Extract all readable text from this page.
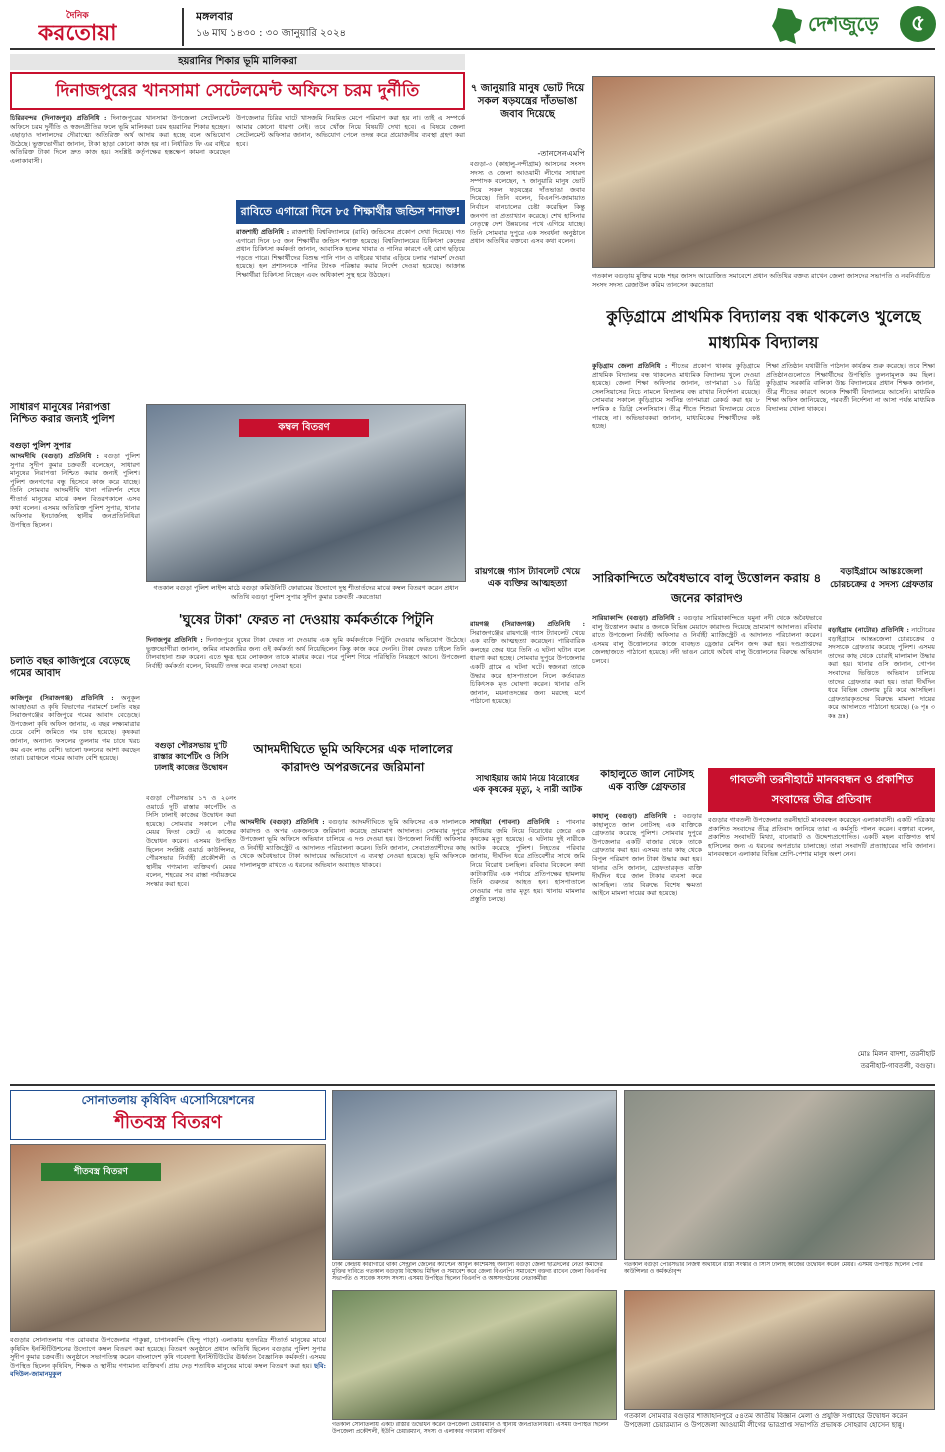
দৈনিক
করতোয়া
মঙ্গলবার
১৬ মাঘ ১৪৩০ : ৩০ জানুয়ারি ২০২৪	দেশজুড়ে	৫
হয়রানির শিকার ভূমি মালিকরা
দিনাজপুরের খানসামা সেটেলমেন্ট অফিসে চরম দুর্নীতি

চিরিরবন্দর (দিনাজপুর) প্রতিনিধি : দিনাজপুরের খানসামা উপজেলা সেটেলমেন্ট অফিসে চরম দুর্নীতি ও স্বজনপ্রীতির ফলে ভূমি মালিকরা চরম হয়রানির শিকার হচ্ছেন। এছাড়াও দালালদের দৌরাত্ম্যে অতিরিক্ত অর্থ আদায় করা হচ্ছে বলে অভিযোগ উঠেছে। ভুক্তভোগীরা জানান, টাকা ছাড়া কোনো কাজ হয় না। নির্ধারিত ফি এর বাইরে অতিরিক্ত টাকা দিলে দ্রুত কাজ হয়। সংশ্লিষ্ট কর্তৃপক্ষের হস্তক্ষেপ কামনা করেছেন এলাকাবাসী।

উপজেলার চিরির ঘাটে খাসজমি নিয়মিত মেপে পরিমাপ করা হয় না। তাই এ সম্পর্কে আমার কোনো ধারণা নেই। তবে খোঁজ নিয়ে বিষয়টি দেখা হবে। এ বিষয়ে জেলা সেটেলমেন্ট অফিসার জানান, অভিযোগ পেলে তদন্ত করে প্রয়োজনীয় ব্যবস্থা গ্রহণ করা হবে।

রাবিতে এগারো দিনে ৮৫ শিক্ষার্থীর জন্ডিস শনাক্ত!

রাজশাহী প্রতিনিধি : রাজশাহী বিশ্ববিদ্যালয়ে (রাবি) জন্ডিসের প্রকোপ দেখা দিয়েছে। গত এগারো দিনে ৮৫ জন শিক্ষার্থীর জন্ডিস শনাক্ত হয়েছে। বিশ্ববিদ্যালয়ের চিকিৎসা কেন্দ্রের প্রধান চিকিৎসা কর্মকর্তা জানান, আবাসিক হলের খাবার ও পানির কারণে এই রোগ ছড়িয়ে পড়তে পারে। শিক্ষার্থীদের বিশুদ্ধ পানি পান ও বাইরের খাবার এড়িয়ে চলার পরামর্শ দেওয়া হয়েছে। হল প্রশাসনকে পানির ট্যাংক পরিষ্কার করার নির্দেশ দেওয়া হয়েছে। আক্রান্ত শিক্ষার্থীরা চিকিৎসা নিচ্ছেন এবং অধিকাংশ সুস্থ হয়ে উঠছেন।

৭ জানুয়ারি মানুষ ভোট দিয়ে সকল ষড়যন্ত্রের দাঁতভাঙা জবাব দিয়েছে
-তানসেনএমপি
বগুড়া-৩ (কাহালু-নন্দীগ্রাম) আসনের সংসদ সদস্য ও জেলা আওয়ামী লীগের সাধারণ সম্পাদক বলেছেন, ৭ জানুয়ারি মানুষ ভোট দিয়ে সকল ষড়যন্ত্রের দাঁতভাঙা জবাব দিয়েছে। তিনি বলেন, বিএনপি-জামায়াত নির্বাচন বানচালের চেষ্টা করেছিল কিন্তু জনগণ তা প্রত্যাখ্যান করেছে। শেখ হাসিনার নেতৃত্বে দেশ উন্নয়নের পথে এগিয়ে যাচ্ছে। তিনি সোমবার দুপুরে এক সংবর্ধনা অনুষ্ঠানে প্রধান অতিথির বক্তব্যে এসব কথা বলেন।
গতকাল বগুড়ায় মুক্তির মঞ্চে শহর জাসদ আয়োজিত সমাবেশে প্রধান অতিথির বক্তব্য রাখেন জেলা জাসদের সভাপতি ও নবনির্বাচিত সংসদ সদস্য রেজাউল করিম তানসেন করতোয়া
কুড়িগ্রামে প্রাথমিক বিদ্যালয় বন্ধ থাকলেও খুলেছে মাধ্যমিক বিদ্যালয়

কুড়িগ্রাম জেলা প্রতিনিধি : শীতের প্রকোপ থাকায় কুড়িগ্রামে প্রাথমিক বিদ্যালয় বন্ধ থাকলেও মাধ্যমিক বিদ্যালয় খুলে দেওয়া হয়েছে। জেলা শিক্ষা অফিসার জানান, তাপমাত্রা ১০ ডিগ্রি সেলসিয়াসের নিচে নামলে বিদ্যালয় বন্ধ রাখার নির্দেশনা রয়েছে। সোমবার সকালে কুড়িগ্রামে সর্বনিম্ন তাপমাত্রা রেকর্ড করা হয় ৮ দশমিক ৫ ডিগ্রি সেলসিয়াস। তীব্র শীতে শিশুরা বিদ্যালয়ে যেতে পারছে না। অভিভাবকরা জানান, মাধ্যমিকের শিক্ষার্থীদের কষ্ট হচ্ছে।

শিক্ষা প্রতিষ্ঠান যথারীতি পাঠদান কার্যক্রম শুরু করেছে। তবে শিক্ষা প্রতিষ্ঠানগুলোতে শিক্ষার্থীদের উপস্থিতি তুলনামূলক কম ছিল। কুড়িগ্রাম সরকারি বালিকা উচ্চ বিদ্যালয়ের প্রধান শিক্ষক জানান, তীব্র শীতের কারণে অনেক শিক্ষার্থী বিদ্যালয়ে আসেনি। মাধ্যমিক শিক্ষা অফিস জানিয়েছে, পরবর্তী নির্দেশনা না আসা পর্যন্ত মাধ্যমিক বিদ্যালয় খোলা থাকবে।
সাধারণ মানুষের নিরাপত্তা নিশ্চিত করার জন্যই পুলিশ
বগুড়া পুলিশ সুপার

আদমদীঘি (বগুড়া) প্রতিনিধি : বগুড়া পুলিশ সুপার সুদীপ কুমার চক্রবর্তী বলেছেন, সাধারণ মানুষের নিরাপত্তা নিশ্চিত করার জন্যই পুলিশ। পুলিশ জনগণের বন্ধু হিসেবে কাজ করে যাচ্ছে। তিনি সোমবার আদমদীঘি থানা পরিদর্শন শেষে শীতার্ত মানুষের মাঝে কম্বল বিতরণকালে এসব কথা বলেন। এসময় অতিরিক্ত পুলিশ সুপার, থানার অফিসার ইনচার্জসহ স্থানীয় জনপ্রতিনিধিরা উপস্থিত ছিলেন।

কম্বল বিতরণ
গতকাল বগুড়া পুলিশ লাইন্স মাঠে বগুড়া কমিউনিটি ফোরামের উদ্যোগে দুস্থ শীতার্তদের মাঝে কম্বল বিতরণ করেন প্রধান অতিথি বগুড়া পুলিশ সুপার সুদীপ কুমার চক্রবর্তী -করতোয়া
রায়গঞ্জে গ্যাস ট্যাবলেট খেয়ে এক ব্যক্তির আত্মহত্যা

রায়গঞ্জ (সিরাজগঞ্জ) প্রতিনিধি : সিরাজগঞ্জের রায়গঞ্জে গ্যাস ট্যাবলেট খেয়ে এক ব্যক্তি আত্মহত্যা করেছেন। পারিবারিক কলহের জের ধরে তিনি এ ঘটনা ঘটান বলে ধারণা করা হচ্ছে। সোমবার দুপুরে উপজেলার একটি গ্রামে এ ঘটনা ঘটে। স্বজনরা তাকে উদ্ধার করে হাসপাতালে নিলে কর্তব্যরত চিকিৎসক মৃত ঘোষণা করেন। থানার ওসি জানান, ময়নাতদন্তের জন্য মরদেহ মর্গে পাঠানো হয়েছে।

'ঘুষের টাকা' ফেরত না দেওয়ায় কর্মকর্তাকে পিটুনি

দিনাজপুর প্রতিনিধি : দিনাজপুরে ঘুষের টাকা ফেরত না দেওয়ায় এক ভূমি কর্মকর্তাকে পিটুনি দেওয়ার অভিযোগ উঠেছে। ভুক্তভোগীরা জানান, জমির নামজারির জন্য ওই কর্মকর্তা অর্থ নিয়েছিলেন কিন্তু কাজ করে দেননি। টাকা ফেরত চাইলে তিনি টালবাহানা শুরু করেন। এতে ক্ষুব্ধ হয়ে লোকজন তাকে মারধর করে। পরে পুলিশ গিয়ে পরিস্থিতি নিয়ন্ত্রণে আনে। উপজেলা নির্বাহী কর্মকর্তা বলেন, বিষয়টি তদন্ত করে ব্যবস্থা নেওয়া হবে।

চলতি বছর কাজিপুরে বেড়েছে গমের আবাদ

কাজিপুর (সিরাজগঞ্জ) প্রতিনিধি : অনুকূল আবহাওয়া ও কৃষি বিভাগের পরামর্শে চলতি বছর সিরাজগঞ্জের কাজিপুরে গমের আবাদ বেড়েছে। উপজেলা কৃষি অফিস জানায়, এ বছর লক্ষ্যমাত্রার চেয়ে বেশি জমিতে গম চাষ হয়েছে। কৃষকরা জানান, অন্যান্য ফসলের তুলনায় গম চাষে খরচ কম এবং লাভ বেশি। ভালো ফলনের আশা করছেন তারা। চরাঞ্চলে গমের আবাদ বেশি হয়েছে।

বগুড়া পৌরসভায় দু'টি রাস্তার কার্পেটিং ও সিসি ঢালাই কাজের উদ্বোধন
বগুড়া পৌরসভার ১৭ ও ২০নং ওয়ার্ডে দুটি রাস্তার কার্পেটিং ও সিসি ঢালাই কাজের উদ্বোধন করা হয়েছে। সোমবার সকালে পৌর মেয়র ফিতা কেটে এ কাজের উদ্বোধন করেন। এসময় উপস্থিত ছিলেন সংশ্লিষ্ট ওয়ার্ড কাউন্সিলর, পৌরসভার নির্বাহী প্রকৌশলী ও স্থানীয় গণ্যমান্য ব্যক্তিবর্গ। মেয়র বলেন, শহরের সব রাস্তা পর্যায়ক্রমে সংস্কার করা হবে।
আদমদীঘিতে ভূমি অফিসের এক দালালের কারাদণ্ড অপরজনের জরিমানা

আদমদীঘি (বগুড়া) প্রতিনিধি : বগুড়ার আদমদীঘিতে ভূমি অফিসের এক দালালকে কারাদণ্ড ও অপর একজনকে জরিমানা করেছে ভ্রাম্যমাণ আদালত। সোমবার দুপুরে উপজেলা ভূমি অফিসে অভিযান চালিয়ে এ দণ্ড দেওয়া হয়। উপজেলা নির্বাহী অফিসার ও নির্বাহী ম্যাজিস্ট্রেট এ আদালত পরিচালনা করেন। তিনি জানান, সেবাপ্রত্যাশীদের কাছ থেকে অবৈধভাবে টাকা আদায়ের অভিযোগে এ ব্যবস্থা নেওয়া হয়েছে। ভূমি অফিসকে দালালমুক্ত রাখতে এ ধরনের অভিযান অব্যাহত থাকবে।

সাথাইয়ায় জমি নিয়ে বিরোধের এক কৃষকের মৃত্যু, ২ নারী আটক

সাথাইয়া (পাবনা) প্রতিনিধি : পাবনার সাঁথিয়ায় জমি নিয়ে বিরোধের জেরে এক কৃষকের মৃত্যু হয়েছে। এ ঘটনায় দুই নারীকে আটক করেছে পুলিশ। নিহতের পরিবার জানায়, দীর্ঘদিন ধরে প্রতিবেশীর সাথে জমি নিয়ে বিরোধ চলছিল। রবিবার বিকেলে কথা কাটাকাটির এক পর্যায়ে প্রতিপক্ষের হামলায় তিনি গুরুতর আহত হন। হাসপাতালে নেওয়ার পর তার মৃত্যু হয়। থানায় মামলার প্রস্তুতি চলছে।

সারিকান্দিতে অবৈধভাবে বালু উত্তোলন করায় ৪ জনের কারাদণ্ড

সারিয়াকান্দি (বগুড়া) প্রতিনিধি : বগুড়ার সারিয়াকান্দিতে যমুনা নদী থেকে অবৈধভাবে বালু উত্তোলন করায় ৪ জনকে বিভিন্ন মেয়াদে কারাদণ্ড দিয়েছে ভ্রাম্যমাণ আদালত। রবিবার রাতে উপজেলা নির্বাহী অফিসার ও নির্বাহী ম্যাজিস্ট্রেট এ আদালত পরিচালনা করেন। এসময় বালু উত্তোলনের কাজে ব্যবহৃত ড্রেজার মেশিন জব্দ করা হয়। দণ্ডপ্রাপ্তদের জেলহাজতে পাঠানো হয়েছে। নদী ভাঙন রোধে অবৈধ বালু উত্তোলনের বিরুদ্ধে অভিযান চলবে।

বড়াইগ্রামে আন্তঃজেলা চোরচক্রের ৫ সদস্য গ্রেফতার

বড়াইগ্রাম (নাটোর) প্রতিনিধি : নাটোরের বড়াইগ্রামে আন্তঃজেলা চোরচক্রের ৫ সদস্যকে গ্রেফতার করেছে পুলিশ। এসময় তাদের কাছ থেকে চোরাই মালামাল উদ্ধার করা হয়। থানার ওসি জানান, গোপন সংবাদের ভিত্তিতে অভিযান চালিয়ে তাদের গ্রেফতার করা হয়। তারা দীর্ঘদিন ধরে বিভিন্ন জেলায় চুরি করে আসছিল। গ্রেফতারকৃতদের বিরুদ্ধে মামলা দায়ের করে আদালতে পাঠানো হয়েছে। (৬ পৃঃ ৩ কঃ দ্রঃ)

কাহালুতে জাল নোটসহ এক ব্যক্তি গ্রেফতার

কাহালু (বগুড়া) প্রতিনিধি : বগুড়ার কাহালুতে জাল নোটসহ এক ব্যক্তিকে গ্রেফতার করেছে পুলিশ। সোমবার দুপুরে উপজেলার একটি বাজার থেকে তাকে গ্রেফতার করা হয়। এসময় তার কাছ থেকে বিপুল পরিমাণ জাল টাকা উদ্ধার করা হয়। থানার ওসি জানান, গ্রেফতারকৃত ব্যক্তি দীর্ঘদিন ধরে জাল টাকার ব্যবসা করে আসছিল। তার বিরুদ্ধে বিশেষ ক্ষমতা আইনে মামলা দায়ের করা হয়েছে।

গাবতলী তরনীহাটে মানববন্ধন ও প্রকাশিত সংবাদের তীব্র প্রতিবাদ
বগুড়ার গাবতলী উপজেলার তরনীহাটে মানববন্ধন করেছেন এলাকাবাসী। একটি পত্রিকায় প্রকাশিত সংবাদের তীব্র প্রতিবাদ জানিয়ে তারা এ কর্মসূচি পালন করেন। বক্তারা বলেন, প্রকাশিত সংবাদটি মিথ্যা, বানোয়াট ও উদ্দেশ্যপ্রণোদিত। একটি মহল ব্যক্তিগত স্বার্থ হাসিলের জন্য এ ধরনের অপপ্রচার চালাচ্ছে। তারা সংবাদটি প্রত্যাহারের দাবি জানান। মানববন্ধনে এলাকার বিভিন্ন শ্রেণি-পেশার মানুষ অংশ নেন।
মোঃ মিলন বাদশা, তরনীহাট
তরনীহাট-গাবতলী, বগুড়া।
সোনাতলায় কৃষিবিদ এসোসিয়েশনের
শীতবস্ত্র বিতরণ
শীতবস্ত্র বিতরণ

বগুড়ার সোনাতলায় গত রোববার উপজেলার পাকুল্লা, চাপানকান্দি (হিন্দু পাড়া) এলাকায় হতদরিদ্র শীতার্ত মানুষের মাঝে কৃষিবিদ ইনস্টিটিউশনের উদ্যোগে কম্বল বিতরণ করা হয়েছে। বিতরণ অনুষ্ঠানে প্রধান অতিথি ছিলেন বগুড়ার পুলিশ সুপার সুদীপ কুমার চক্রবর্তী। অনুষ্ঠানে সভাপতিত্ব করেন বাংলাদেশ কৃষি গবেষণা ইনস্টিটিউটের ঊর্ধ্বতন বৈজ্ঞানিক কর্মকর্তা। এসময় উপস্থিত ছিলেন কৃষিবিদ, শিক্ষক ও স্থানীয় গণ্যমান্য ব্যক্তিবর্গ। প্রায় দেড় শতাধিক মানুষের মাঝে কম্বল বিতরণ করা হয়। ছবি: বদিউল-জামানমুকুল

ঢাকা কেন্দ্রীয় কারাগারে থাকা সেন্ট্রাল জেলের ক্যাপ্টেন আবুল কাশেমসহ অন্যান্য বগুড়া জেলা ছাত্রদলের নেতা কর্মীদের মুক্তির দাবিতে গতকাল বগুড়ায় বিক্ষোভ মিছিল ও সমাবেশ করে জেলা বিএনপি। সমাবেশে বক্তব্য রাখেন জেলা বিএনপির সভাপতি ও সাবেক সংসদ সদস্য। এসময় উপস্থিত ছিলেন বিএনপি ও অঙ্গসংগঠনের নেতাকর্মীরা
গতকাল সোনাতলায় একটি রাস্তার উদ্বোধন করেন উপজেলা চেয়ারম্যান ও স্থানীয় জনপ্রতিনিধিরা। এসময় উপস্থিত ছিলেন উপজেলা প্রকৌশলী, ইউপি চেয়ারম্যান, সদস্য ও এলাকার গণ্যমান্য ব্যক্তিবর্গ
গতকাল বগুড়া পৌরসভার নিজস্ব অর্থায়নে রাস্তা সংস্কার ও সিসি ঢালাই কাজের উদ্বোধন করেন মেয়র। এসময় উপস্থিত ছিলেন পৌর কাউন্সিলর ও কর্মকর্তাবৃন্দ
গতকাল সোমবার বগুড়ার শাজাহানপুরে ৫৪তম জাতীয় বিজ্ঞান মেলা ও প্রযুক্তি সপ্তাহের উদ্বোধন করেন উপজেলা চেয়ারম্যান ও উপজেলা আওয়ামী লীগের ভারপ্রাপ্ত সভাপতি প্রভাষক সোহরাব হোসেন ছান্নু।
